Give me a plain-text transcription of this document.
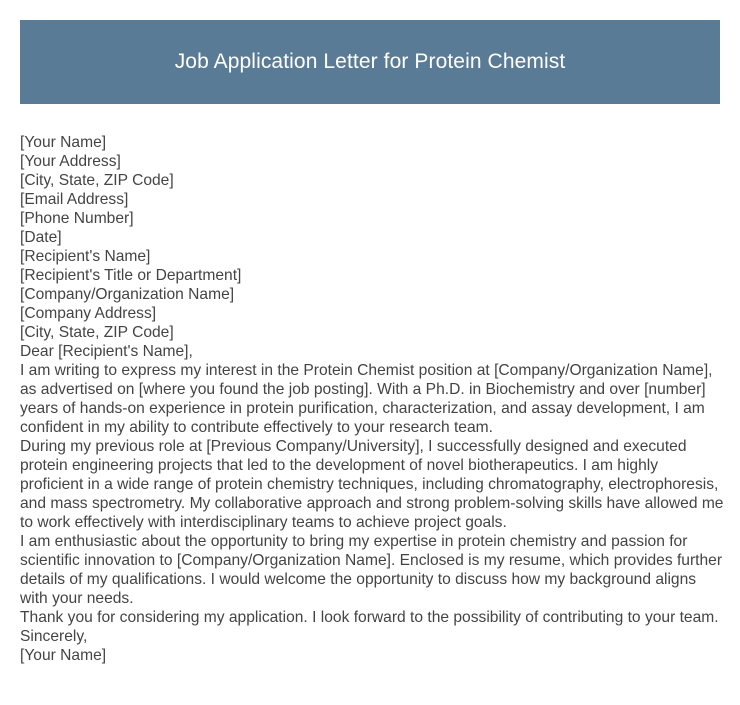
Job Application Letter for Protein Chemist
[Your Name]
[Your Address]
[City, State, ZIP Code]
[Email Address]
[Phone Number]
[Date]
[Recipient's Name]
[Recipient's Title or Department]
[Company/Organization Name]
[Company Address]
[City, State, ZIP Code]
Dear [Recipient's Name],

I am writing to express my interest in the Protein Chemist position at [Company/Organization Name], as advertised on [where you found the job posting]. With a Ph.D. in Biochemistry and over [number] years of hands-on experience in protein purification, characterization, and assay development, I am confident in my ability to contribute effectively to your research team.

During my previous role at [Previous Company/University], I successfully designed and executed protein engineering projects that led to the development of novel biotherapeutics. I am highly proficient in a wide range of protein chemistry techniques, including chromatography, electrophoresis, and mass spectrometry. My collaborative approach and strong problem-solving skills have allowed me to work effectively with interdisciplinary teams to achieve project goals.

I am enthusiastic about the opportunity to bring my expertise in protein chemistry and passion for scientific innovation to [Company/Organization Name]. Enclosed is my resume, which provides further details of my qualifications. I would welcome the opportunity to discuss how my background aligns with your needs.

Thank you for considering my application. I look forward to the possibility of contributing to your team.

Sincerely,
[Your Name]
